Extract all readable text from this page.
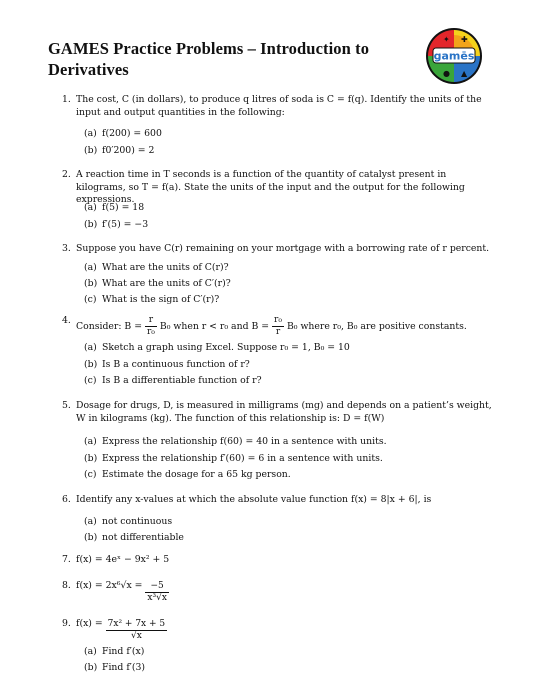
GAMES Practice Problems – Introduction to Derivatives
gamēs
✦ ✚
● ▲
1. The cost, C (in dollars), to produce q litres of soda is C = f(q). Identify the units of the input and output quantities in the following:
(a) f(200) = 600
(b) f0′200) = 2
2. A reaction time in T seconds is a function of the quantity of catalyst present in kilograms, so T = f(a). State the units of the input and the output for the following expressions.
(a) f(5) = 18
(b) f′(5) = −3
3. Suppose you have C(r) remaining on your mortgage with a borrowing rate of r percent.
(a) What are the units of C(r)?
(b) What are the units of C′(r)?
(c) What is the sign of C′(r)?
4.
Consider: $B = \frac{r}{\text{r₀}} B_0$ when r < r₀ and $B = \frac{\text{r₀}}{r} B_0$ where r₀, B₀ are positive constants.
(a) Sketch a graph using Excel. Suppose r₀ = 1, B₀ = 10
(b) Is B a continuous function of r?
(c) Is B a differentiable function of r?
5. Dosage for drugs, D, is measured in milligrams (mg) and depends on a patient’s weight, W in kilograms (kg). The function of this relationship is: D = f(W)
(a) Express the relationship f(60) = 40 in a sentence with units.
(b) Express the relationship f′(60) = 6 in a sentence with units.
(c) Estimate the dosage for a 65 kg person.
6. Identify any x-values at which the absolute value function f(x) = 8|x + 6|, is
(a) not continuous
(b) not differentiable
7. f(x) = 4eˣ − 9x² + 5
8. $f(x) = 2x^6√x = \frac{-5}{\text{x³√x}}$
9. $f(x) = \frac{\text{7x² + 7x + 5}}{√x}$
(a) Find f′(x)
(b) Find f′(3)
